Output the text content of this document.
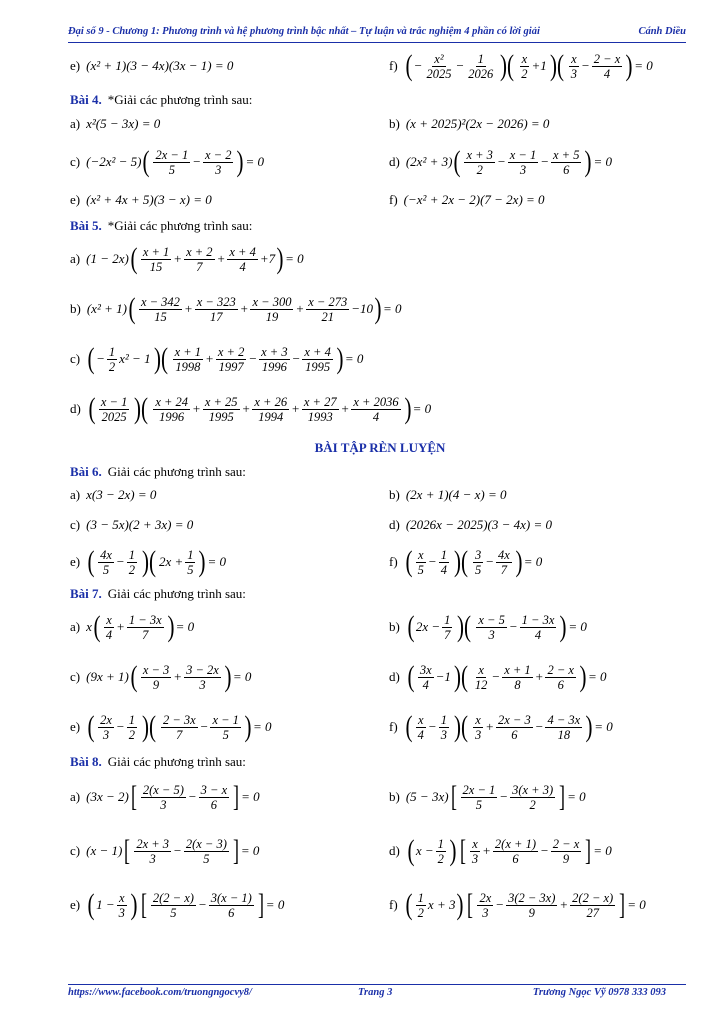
Đại số 9 - Chương 1: Phương trình và hệ phương trình bậc nhất – Tự luận và trắc nghiệm 4 phần có lời giải	Cánh Diều
e) (x² + 1)(3 − 4x)(3x − 1) = 0	f) ( − $\frac{\text{x²}}{2025} - \frac{1}{2026}$ )( $\frac{x}{2} +1$ )( $\frac{x}{3} - \frac{2 - x}{4}$ ) = 0
Bài 4. *Giải các phương trình sau:
a) x²(5 − 3x) = 0	b) (x + 2025)²(2x − 2026) = 0
c) (−2x² − 5) ( $\frac{2x - 1}{5} - \frac{x - 2}{3}$ ) = 0	d) (2x² + 3) ( $\frac{x + 3}{2} - \frac{x - 1}{3} - \frac{x + 5}{6}$ ) = 0
e) (x² + 4x + 5)(3 − x) = 0	f) (−x² + 2x − 2)(7 − 2x) = 0
Bài 5. *Giải các phương trình sau:
a) (1 − 2x) ( $\frac{x + 1}{15} + \frac{x + 2}{7} + \frac{x + 4}{4} +7$ ) = 0
b) (x² + 1) ( $\frac{x - 342}{15} + \frac{x - 323}{17} + \frac{x - 300}{19} + \frac{x - 273}{21} -10$ ) = 0
c) ( − $\frac{1}{2} x^2 - 1$ )( $\frac{x + 1}{1998} + \frac{x + 2}{1997} - \frac{x + 3}{1996} - \frac{x + 4}{1995}$ ) = 0
d) ( $\frac{x - 1}{2025}$ )( $\frac{x + 24}{1996} + \frac{x + 25}{1995} + \frac{x + 26}{1994} + \frac{x + 27}{1993} + \frac{x + 2036}{4}$ ) = 0
BÀI TẬP RÈN LUYỆN
Bài 6. Giải các phương trình sau:
a) x(3 − 2x) = 0	b) (2x + 1)(4 − x) = 0
c) (3 − 5x)(2 + 3x) = 0	d) (2026x − 2025)(3 − 4x) = 0
e) ( $\frac{4x}{5} - \frac{1}{2}$ )( $2x + \frac{1}{5}$ ) = 0	f) ( $\frac{x}{5} - \frac{1}{4}$ )( $\frac{3}{5} - \frac{4x}{7}$ ) = 0
Bài 7. Giải các phương trình sau:
a) x ( $\frac{x}{4} + \frac{1 - 3x}{7}$ ) = 0	b) ( $2x - \frac{1}{7}$ )( $\frac{x - 5}{3} - \frac{1 - 3x}{4}$ ) = 0
c) (9x + 1) ( $\frac{x - 3}{9} + \frac{3 - 2x}{3}$ ) = 0	d) ( $\frac{3x}{4} -1$ )( $\frac{x}{12} - \frac{x + 1}{8} + \frac{2 - x}{6}$ ) = 0
e) ( $\frac{2x}{3} - \frac{1}{2}$ )( $\frac{2 - 3x}{7} - \frac{x - 1}{5}$ ) = 0	f) ( $\frac{x}{4} - \frac{1}{3}$ )( $\frac{x}{3} + \frac{2x - 3}{6} - \frac{4 - 3x}{18}$ ) = 0
Bài 8. Giải các phương trình sau:
a) (3x − 2) [ $\frac{2(x - 5)}{3} - \frac{3 - x}{6}$ ] = 0	b) (5 − 3x) [ $\frac{2x - 1}{5} - \frac{3(x + 3)}{2}$ ] = 0
c) (x − 1) [ $\frac{2x + 3}{3} - \frac{2(x - 3)}{5}$ ] = 0	d) ( $x - \frac{1}{2}$ ) [ $\frac{x}{3} + \frac{2(x + 1)}{6} - \frac{2 - x}{9}$ ] = 0
e) ( $1 - \frac{x}{3}$ ) [ $\frac{2(2 - x)}{5} - \frac{3(x - 1)}{6}$ ] = 0	f) ( $\frac{1}{2}$ x + 3 ) [ $\frac{2x}{3} - \frac{3(2 - 3x)}{9} + \frac{2(2 - x)}{27}$ ] = 0
https://www.facebook.com/truongngocvy8/	Trang 3	Trương Ngọc Vỹ 0978 333 093
